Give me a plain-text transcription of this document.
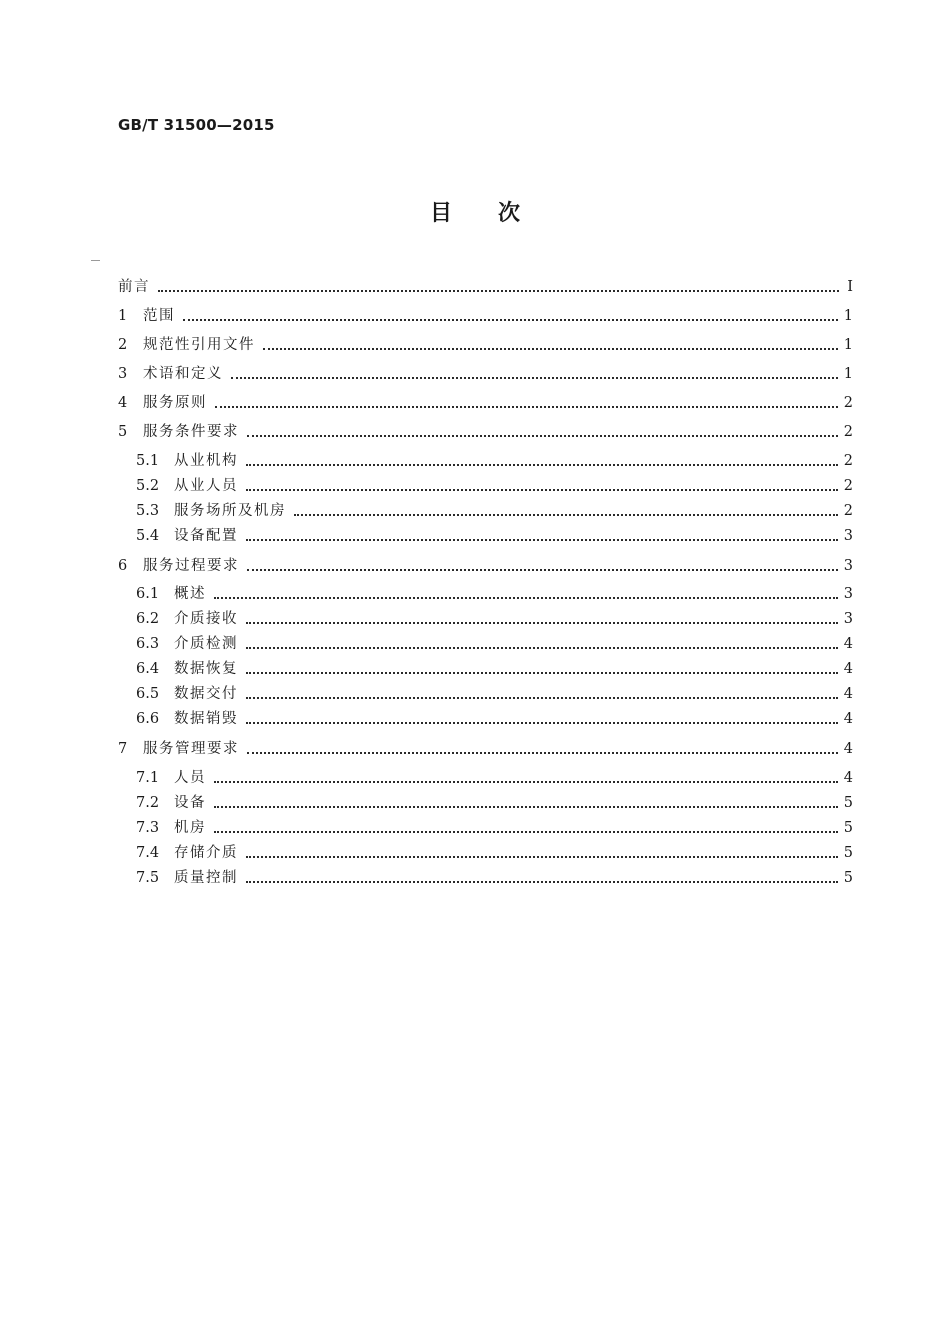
GB/T 31500—2015
目次
前言	I
1	范围	1
2	规范性引用文件	1
3	术语和定义	1
4	服务原则	2
5	服务条件要求	2
5.1	从业机构	2
5.2	从业人员	2
5.3	服务场所及机房	2
5.4	设备配置	3
6	服务过程要求	3
6.1	概述	3
6.2	介质接收	3
6.3	介质检测	4
6.4	数据恢复	4
6.5	数据交付	4
6.6	数据销毁	4
7	服务管理要求	4
7.1	人员	4
7.2	设备	5
7.3	机房	5
7.4	存储介质	5
7.5	质量控制	5
